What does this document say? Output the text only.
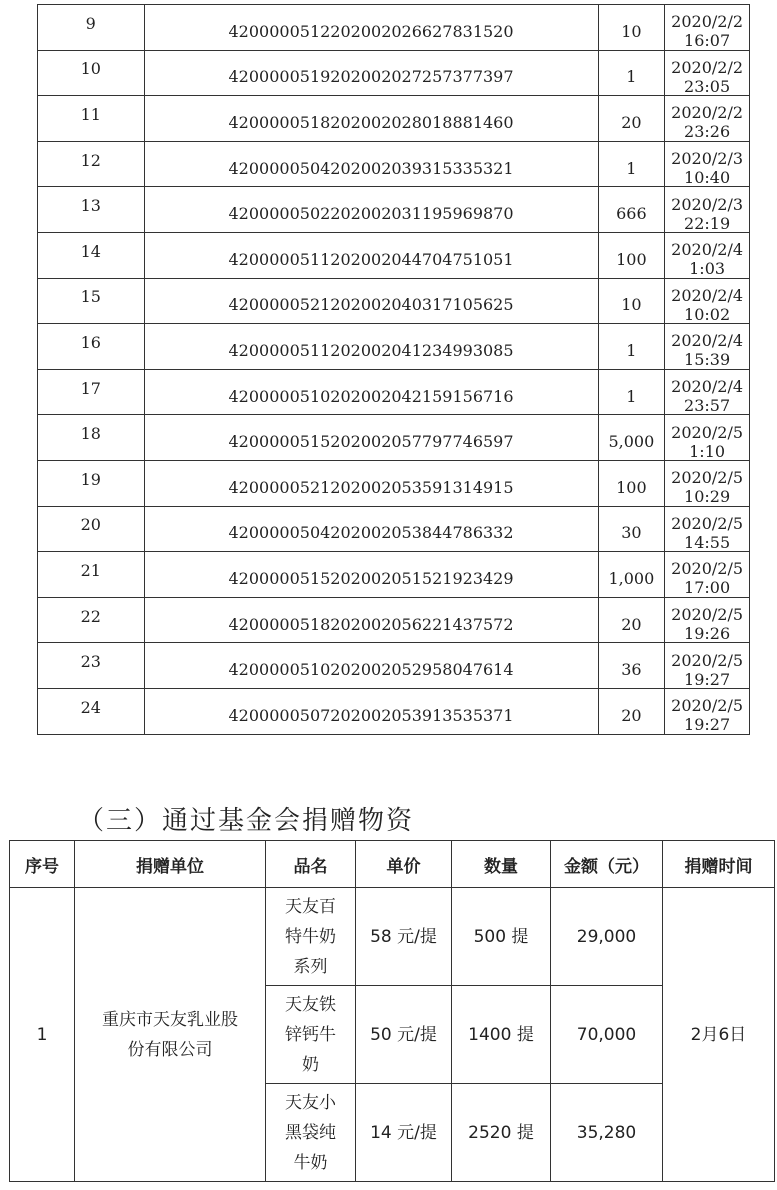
9	4200000512202002026627831520	10	2020/2/2 16:07
10	4200000519202002027257377397	1	2020/2/2 23:05
11	4200000518202002028018881460	20	2020/2/2 23:26
12	4200000504202002039315335321	1	2020/2/3 10:40
13	4200000502202002031195969870	666	2020/2/3 22:19
14	4200000511202002044704751051	100	2020/2/4 1:03
15	4200000521202002040317105625	10	2020/2/4 10:02
16	4200000511202002041234993085	1	2020/2/4 15:39
17	4200000510202002042159156716	1	2020/2/4 23:57
18	4200000515202002057797746597	5,000	2020/2/5 1:10
19	4200000521202002053591314915	100	2020/2/5 10:29
20	4200000504202002053844786332	30	2020/2/5 14:55
21	4200000515202002051521923429	1,000	2020/2/5 17:00
22	4200000518202002056221437572	20	2020/2/5 19:26
23	4200000510202002052958047614	36	2020/2/5 19:27
24	4200000507202002053913535371	20	2020/2/5 19:27
（三）通过基金会捐赠物资
序号	捐赠单位	品名	单价	数量	金额（元）	捐赠时间
1	重庆市天友乳业股份有限公司	天友百特牛奶系列	58 元/提	500 提	29,000	2月6日

		天友铁锌钙牛奶	50 元/提	1400 提	70,000	

		天友小黑袋纯牛奶	14 元/提	2520 提	35,280	
